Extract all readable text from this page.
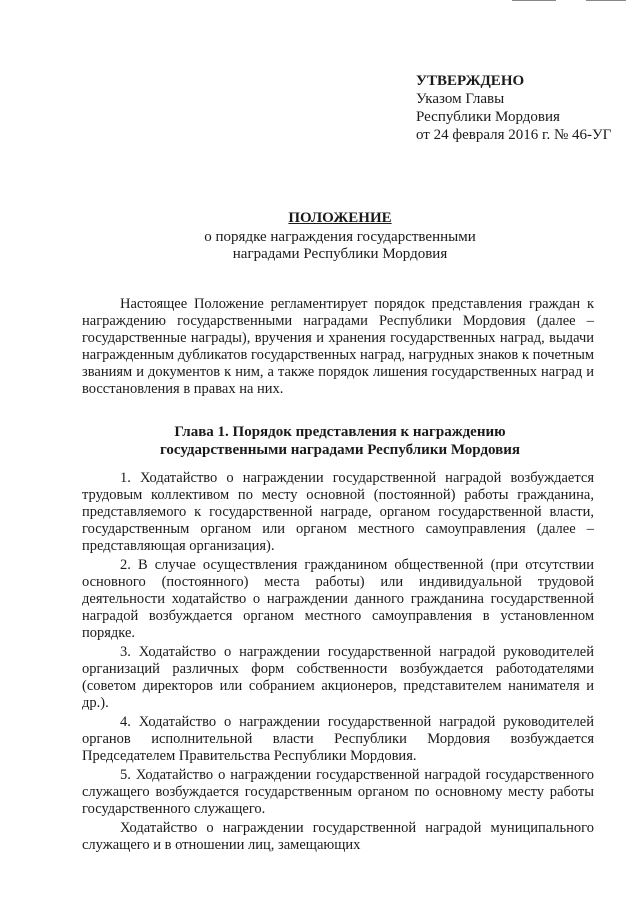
УТВЕРЖДЕНО
Указом Главы
Республики Мордовия
от 24 февраля 2016 г. № 46-УГ
ПОЛОЖЕНИЕ
о порядке награждения государственными
наградами Республики Мордовия

Настоящее Положение регламентирует порядок представления граждан к награждению государственными наградами Республики Мордовия (далее – государственные награды), вручения и хранения государственных наград, выдачи награжденным дубликатов государственных наград, нагрудных знаков к почетным званиям и документов к ним, а также порядок лишения государственных наград и восстановления в правах на них.

Глава 1. Порядок представления к награждению
государственными наградами Республики Мордовия

1. Ходатайство о награждении государственной наградой возбуждается трудовым коллективом по месту основной (постоянной) работы гражданина, представляемого к государственной награде, органом государственной власти, государственным органом или органом местного самоуправления (далее – представляющая организация).

2. В случае осуществления гражданином общественной (при отсутствии основного (постоянного) места работы) или индивидуальной трудовой деятельности ходатайство о награждении данного гражданина государственной наградой возбуждается органом местного самоуправления в установленном порядке.

3. Ходатайство о награждении государственной наградой руководителей организаций различных форм собственности возбуждается работодателями (советом директоров или собранием акционеров, представителем нанимателя и др.).

4. Ходатайство о награждении государственной наградой руководителей органов исполнительной власти Республики Мордовия возбуждается Председателем Правительства Республики Мордовия.

5. Ходатайство о награждении государственной наградой государственного служащего возбуждается государственным органом по основному месту работы государственного служащего.

Ходатайство о награждении государственной наградой муниципального служащего и в отношении лиц, замещающих
